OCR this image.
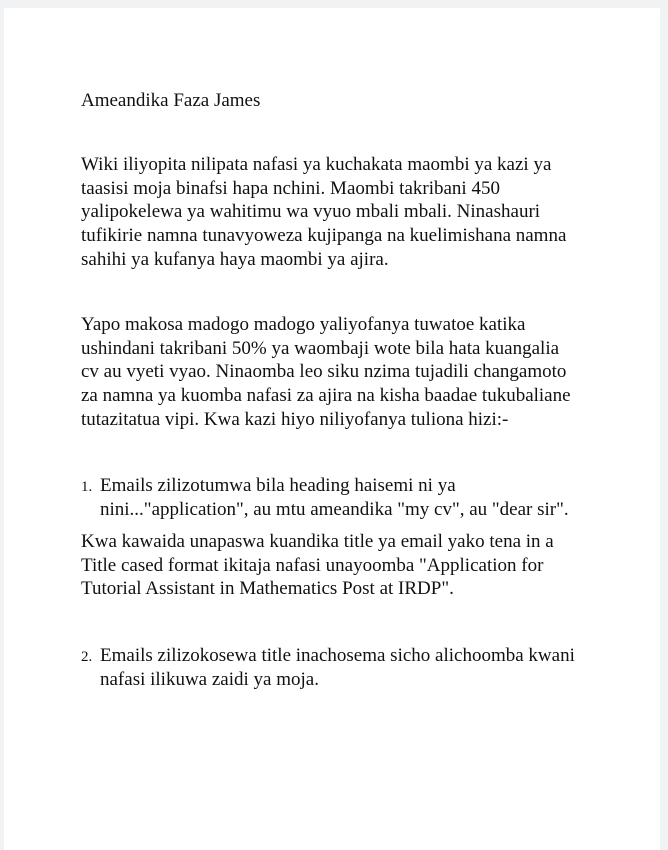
Ameandika Faza James

Wiki iliyopita nilipata nafasi ya kuchakata maombi ya kazi ya
taasisi moja binafsi hapa nchini. Maombi takribani 450
yalipokelewa ya wahitimu wa vyuo mbali mbali. Ninashauri
tufikirie namna tunavyoweza kujipanga na kuelimishana namna
sahihi ya kufanya haya maombi ya ajira.

Yapo makosa madogo madogo yaliyofanya tuwatoe katika
ushindani takribani 50% ya waombaji wote bila hata kuangalia
cv au vyeti vyao. Ninaomba leo siku nzima tujadili changamoto
za namna ya kuomba nafasi za ajira na kisha baadae tukubaliane
tutazitatua vipi. Kwa kazi hiyo niliyofanya tuliona hizi:-

1. Emails zilizotumwa bila heading haisemi ni ya
nini..."application", au mtu ameandika "my cv", au "dear sir".

Kwa kawaida unapaswa kuandika title ya email yako tena in a
Title cased format ikitaja nafasi unayoomba "Application for
Tutorial Assistant in Mathematics Post at IRDP".

2. Emails zilizokosewa title inachosema sicho alichoomba kwani
nafasi ilikuwa zaidi ya moja.
